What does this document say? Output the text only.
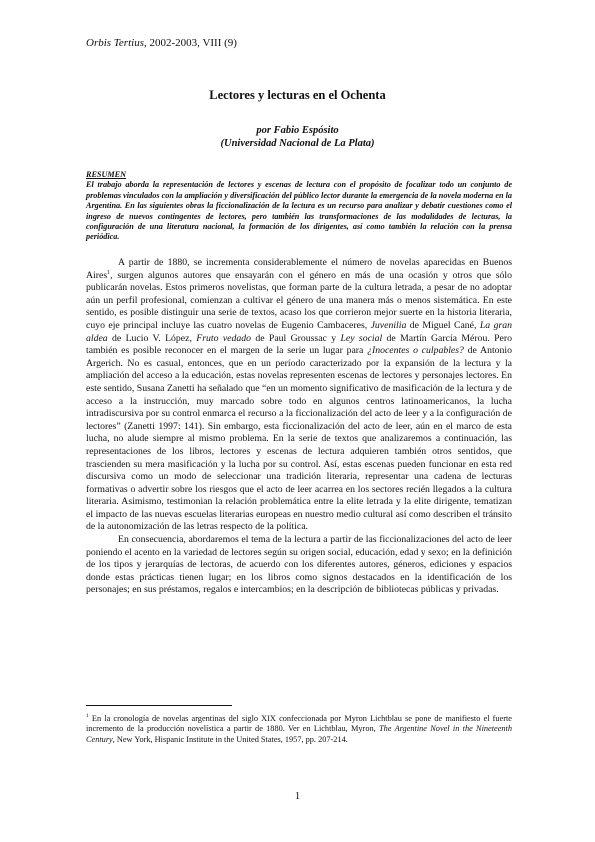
Orbis Tertius, 2002-2003, VIII (9)
Lectores y lecturas en el Ochenta
por Fabio Espósito
(Universidad Nacional de La Plata)
RESUMEN
El trabajo aborda la representación de lectores y escenas de lectura con el propósito de focalizar todo un conjunto de problemas vinculados con la ampliación y diversificación del público lector durante la emergencia de la novela moderna en la Argentina. En las siguientes obras la ficcionalización de la lectura es un recurso para analizar y debatir cuestiones como el ingreso de nuevos contingentes de lectores, pero también las transformaciones de las modalidades de lecturas, la configuración de una literatura nacional, la formación de los dirigentes, así como también la relación con la prensa periódica.

A partir de 1880, se incrementa considerablemente el número de novelas aparecidas en Buenos Aires$^1$, surgen algunos autores que ensayarán con el género en más de una ocasión y otros que sólo publicarán novelas. Estos primeros novelistas, que forman parte de la cultura letrada, a pesar de no adoptar aún un perfil profesional, comienzan a cultivar el género de una manera más o menos sistemática. En este sentido, es posible distinguir una serie de textos, acaso los que corrieron mejor suerte en la historia literaria, cuyo eje principal incluye las cuatro novelas de Eugenio Cambaceres, Juvenilia de Miguel Cané, La gran aldea de Lucio V. López, Fruto vedado de Paul Groussac y Ley social de Martín García Mérou. Pero también es posible reconocer en el margen de la serie un lugar para ¿Inocentes o culpables? de Antonio Argerich. No es casual, entonces, que en un período caracterizado por la expansión de la lectura y la ampliación del acceso a la educación, estas novelas representen escenas de lectores y personajes lectores. En este sentido, Susana Zanetti ha señalado que “en un momento significativo de masificación de la lectura y de acceso a la instrucción, muy marcado sobre todo en algunos centros latinoamericanos, la lucha intradiscursiva por su control enmarca el recurso a la ficcionalización del acto de leer y a la configuración de lectores” (Zanetti 1997: 141). Sin embargo, esta ficcionalización del acto de leer, aún en el marco de esta lucha, no alude siempre al mismo problema. En la serie de textos que analizaremos a continuación, las representaciones de los libros, lectores y escenas de lectura adquieren también otros sentidos, que trascienden su mera masificación y la lucha por su control. Así, estas escenas pueden funcionar en esta red discursiva como un modo de seleccionar una tradición literaria, representar una cadena de lecturas formativas o advertir sobre los riesgos que el acto de leer acarrea en los sectores recién llegados a la cultura literaria. Asimismo, testimonian la relación problemática entre la elite letrada y la elite dirigente, tematizan el impacto de las nuevas escuelas literarias europeas en nuestro medio cultural así como describen el tránsito de la autonomización de las letras respecto de la política.

En consecuencia, abordaremos el tema de la lectura a partir de las ficcionalizaciones del acto de leer poniendo el acento en la variedad de lectores según su origen social, educación, edad y sexo; en la definición de los tipos y jerarquías de lectoras, de acuerdo con los diferentes autores, géneros, ediciones y espacios donde estas prácticas tienen lugar; en los libros como signos destacados en la identificación de los personajes; en sus préstamos, regalos e intercambios; en la descripción de bibliotecas públicas y privadas.

$^1$ En la cronología de novelas argentinas del siglo XIX confeccionada por Myron Lichtblau se pone de manifiesto el fuerte incremento de la producción novelística a partir de 1880. Ver en Lichtblau, Myron, The Argentine Novel in the Nineteenth Century, New York, Hispanic Institute in the United States, 1957, pp. 207-214.
1
